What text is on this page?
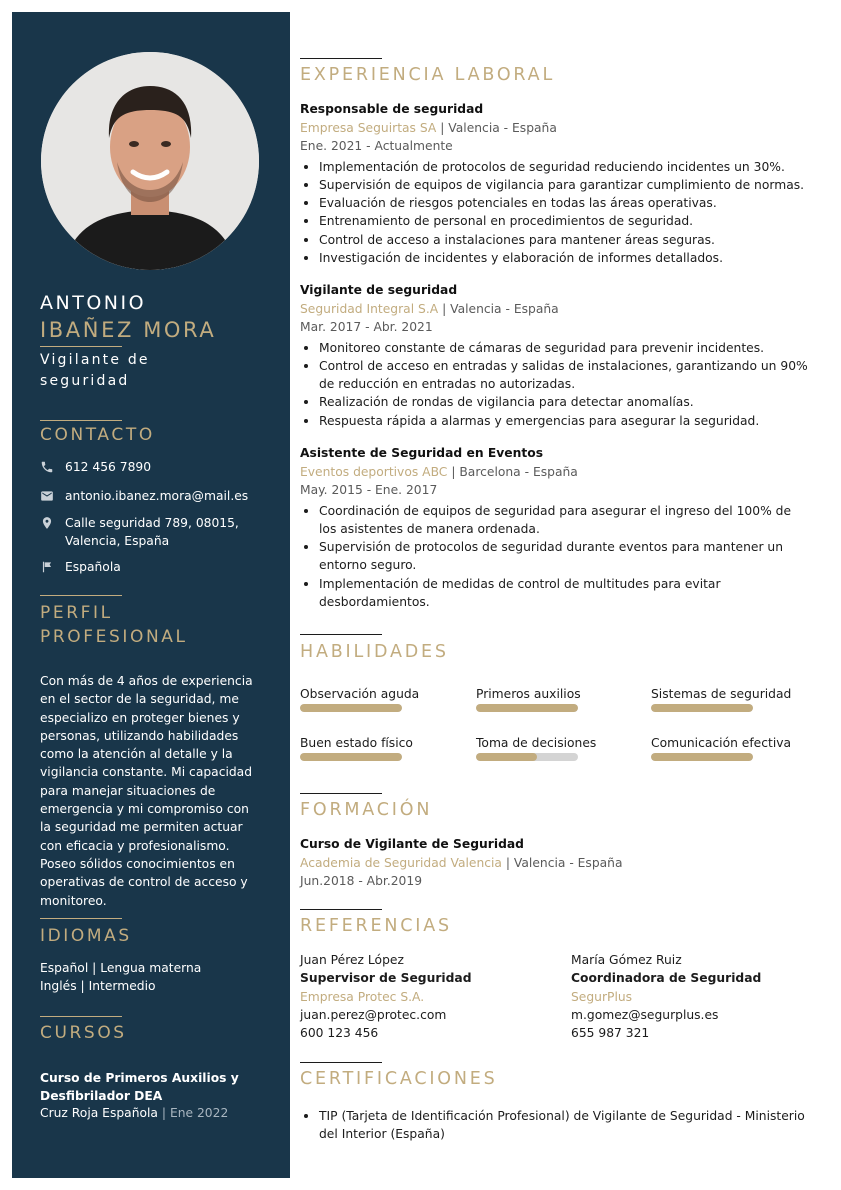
ANTONIO
IBAÑEZ MORA
Vigilante de seguridad
CONTACTO
612 456 7890
antonio.ibanez.mora@mail.es
Calle seguridad 789, 08015,
Valencia, España
Española
PERFIL
PROFESIONAL
Con más de 4 años de experiencia en el sector de la seguridad, me especializo en proteger bienes y personas, utilizando habilidades como la atención al detalle y la vigilancia constante. Mi capacidad para manejar situaciones de emergencia y mi compromiso con la seguridad me permiten actuar con eficacia y profesionalismo. Poseo sólidos conocimientos en operativas de control de acceso y monitoreo.
IDIOMAS
Español | Lengua materna
Inglés | Intermedio
CURSOS
Curso de Primeros Auxilios y Desfibrilador DEA
Cruz Roja Española | Ene 2022
EXPERIENCIA LABORAL
Responsable de seguridad
Empresa Seguirtas SA | Valencia - España
Ene. 2021 - Actualmente
Implementación de protocolos de seguridad reduciendo incidentes un 30%.
Supervisión de equipos de vigilancia para garantizar cumplimiento de normas.
Evaluación de riesgos potenciales en todas las áreas operativas.
Entrenamiento de personal en procedimientos de seguridad.
Control de acceso a instalaciones para mantener áreas seguras.
Investigación de incidentes y elaboración de informes detallados.
Vigilante de seguridad
Seguridad Integral S.A | Valencia - España
Mar. 2017 - Abr. 2021
Monitoreo constante de cámaras de seguridad para prevenir incidentes.
Control de acceso en entradas y salidas de instalaciones, garantizando un 90% de reducción en entradas no autorizadas.
Realización de rondas de vigilancia para detectar anomalías.
Respuesta rápida a alarmas y emergencias para asegurar la seguridad.
Asistente de Seguridad en Eventos
Eventos deportivos ABC | Barcelona - España
May. 2015 - Ene. 2017
Coordinación de equipos de seguridad para asegurar el ingreso del 100% de los asistentes de manera ordenada.
Supervisión de protocolos de seguridad durante eventos para mantener un entorno seguro.
Implementación de medidas de control de multitudes para evitar desbordamientos.
HABILIDADES
Observación aguda	Primeros auxilios	Sistemas de seguridad
Buen estado físico	Toma de decisiones	Comunicación efectiva
FORMACIÓN
Curso de Vigilante de Seguridad
Academia de Seguridad Valencia | Valencia - España
Jun.2018 - Abr.2019
REFERENCIAS
Juan Pérez López
Supervisor de Seguridad
Empresa Protec S.A.
juan.perez@protec.com
600 123 456
María Gómez Ruiz
Coordinadora de Seguridad
SegurPlus
m.gomez@segurplus.es
655 987 321
CERTIFICACIONES
TIP (Tarjeta de Identificación Profesional) de Vigilante de Seguridad - Ministerio del Interior (España)
